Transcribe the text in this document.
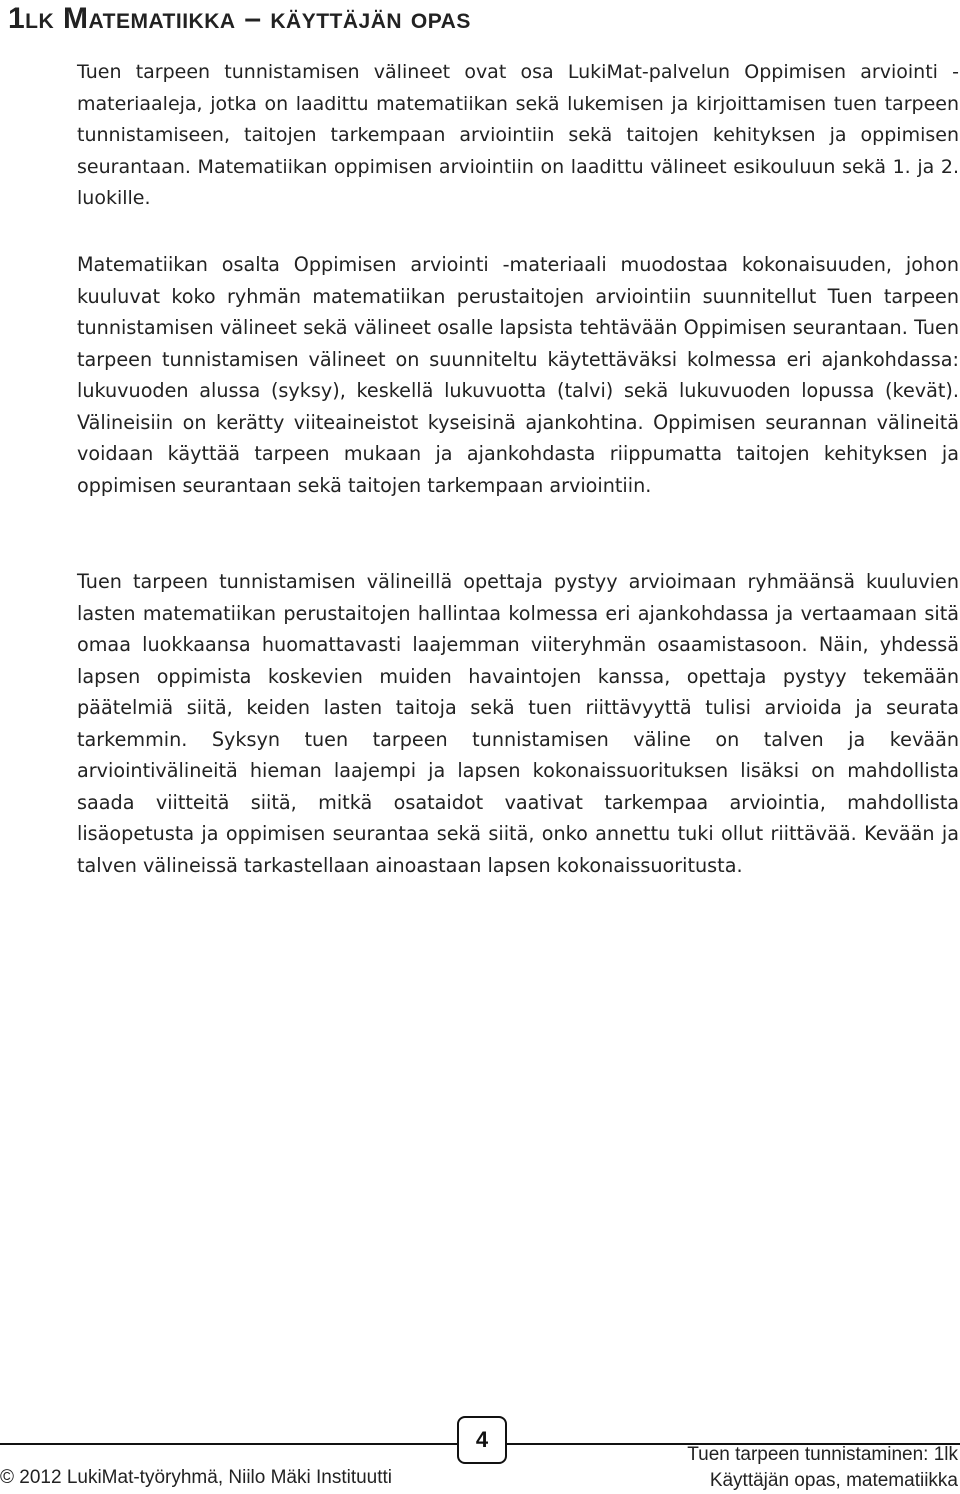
1lk Matematiikka – käyttäjän opas

Tuen tarpeen tunnistamisen välineet ovat osa LukiMat-palvelun Oppimisen arviointi -materiaaleja, jotka on laadittu matematiikan sekä lukemisen ja kirjoittamisen tuen tarpeen tunnistamiseen, taitojen tarkempaan arviointiin sekä taitojen kehityksen ja oppimisen seurantaan. Matematiikan oppimisen arviointiin on laadittu välineet esikouluun sekä 1. ja 2. luokille.

Matematiikan osalta Oppimisen arviointi -materiaali muodostaa kokonaisuuden, johon kuuluvat koko ryhmän matematiikan perustaitojen arviointiin suunnitellut Tuen tarpeen tunnistamisen välineet sekä välineet osalle lapsista tehtävään Oppimisen seurantaan. Tuen tarpeen tunnistamisen välineet on suunniteltu käytettäväksi kolmessa eri ajankohdassa: lukuvuoden alussa (syksy), keskellä lukuvuotta (talvi) sekä lukuvuoden lopussa (kevät). Välineisiin on kerätty viiteaineistot kyseisinä ajankohtina. Oppimisen seurannan välineitä voidaan käyttää tarpeen mukaan ja ajankohdasta riippumatta taitojen kehityksen ja oppimisen seurantaan sekä taitojen tarkempaan arviointiin.

Tuen tarpeen tunnistamisen välineillä opettaja pystyy arvioimaan ryhmäänsä kuuluvien lasten matematiikan perustaitojen hallintaa kolmessa eri ajankohdassa ja vertaamaan sitä omaa luokkaansa huomattavasti laajemman viiteryhmän osaamistasoon. Näin, yhdessä lapsen oppimista koskevien muiden havaintojen kanssa, opettaja pystyy tekemään päätelmiä siitä, keiden lasten taitoja sekä tuen riittävyyttä tulisi arvioida ja seurata tarkemmin. Syksyn tuen tarpeen tunnistamisen väline on talven ja kevään arviointivälineitä hieman laajempi ja lapsen kokonaissuorituksen lisäksi on mahdollista saada viitteitä siitä, mitkä osataidot vaativat tarkempaa arviointia, mahdollista lisäopetusta ja oppimisen seurantaa sekä siitä, onko annettu tuki ollut riittävää. Kevään ja talven välineissä tarkastellaan ainoastaan lapsen kokonaissuoritusta.

4
© 2012 LukiMat-työryhmä, Niilo Mäki Instituutti
Tuen tarpeen tunnistaminen: 1lk
Käyttäjän opas, matematiikka
